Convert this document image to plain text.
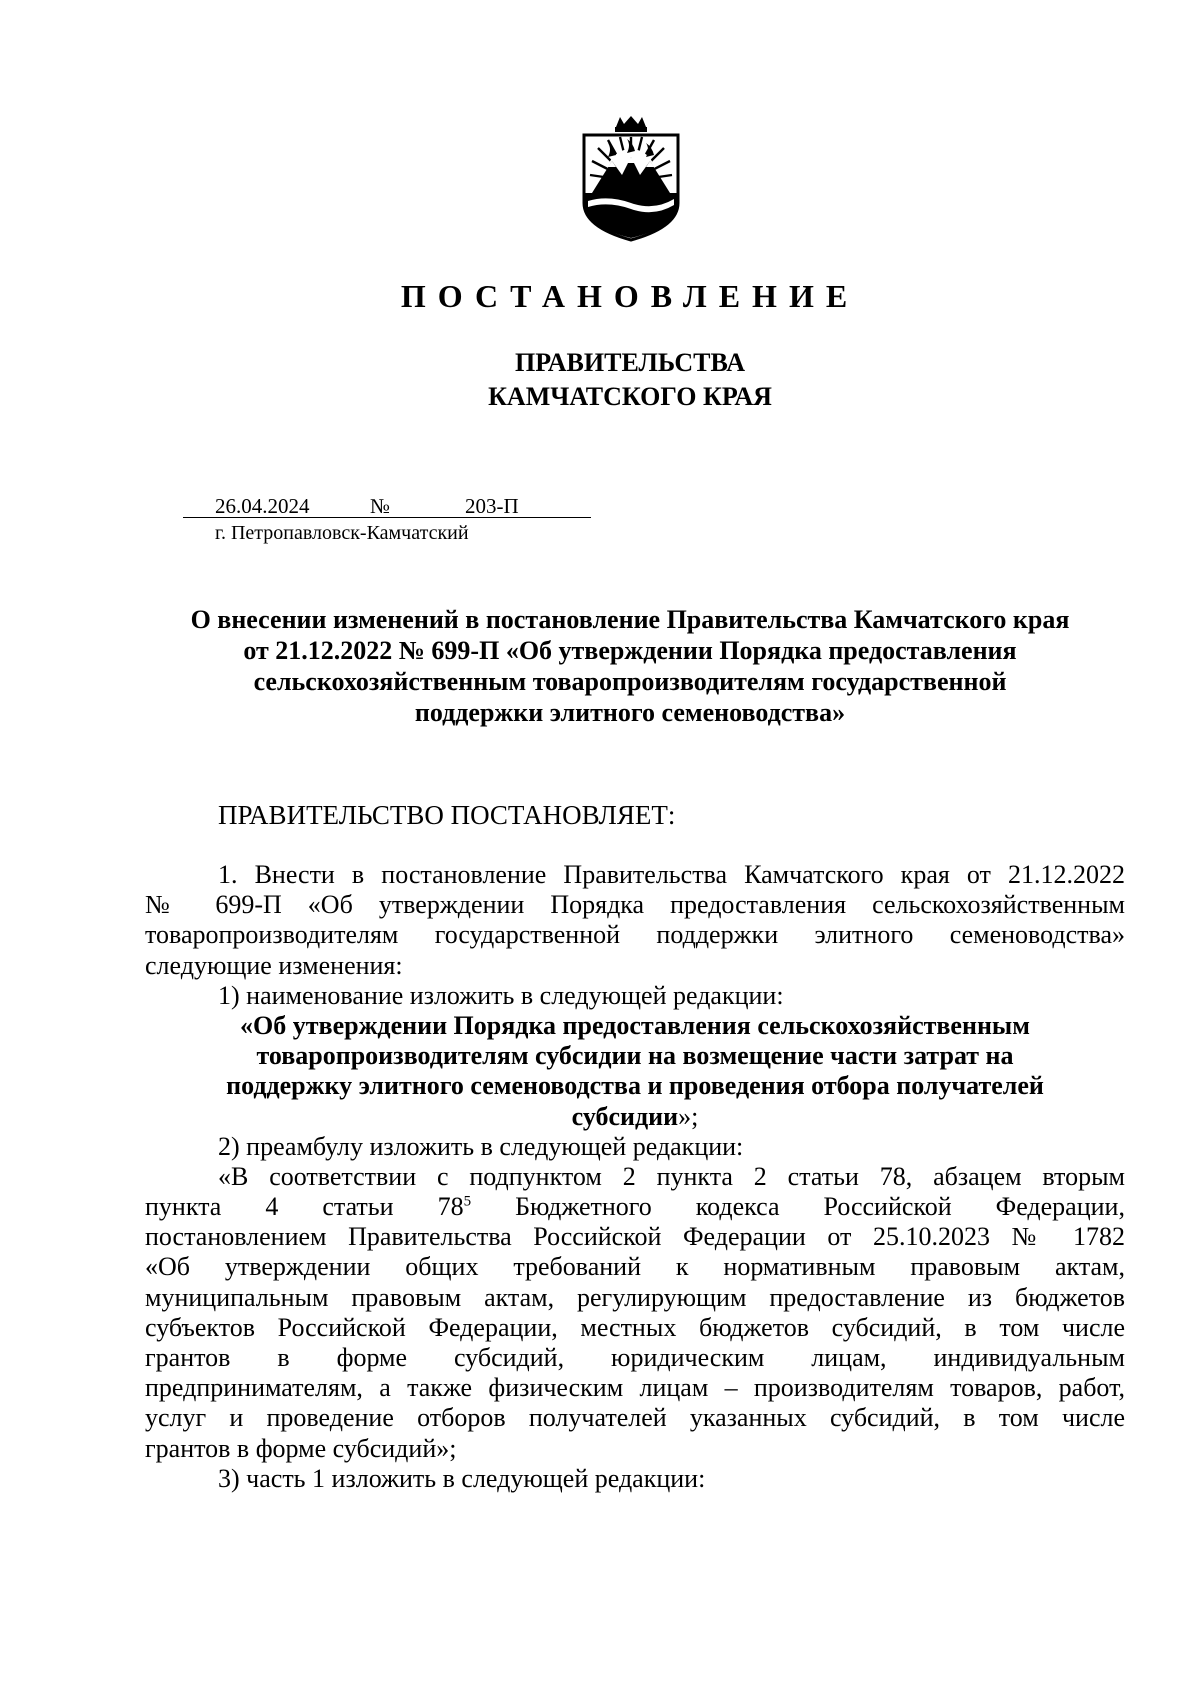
ПОСТАНОВЛЕНИЕ
ПРАВИТЕЛЬСТВА
КАМЧАТСКОГО КРАЯ
26.04.2024	№	203-П
г. Петропавловск-Камчатский
О внесении изменений в постановление Правительства Камчатского края
от 21.12.2022 № 699-П «Об утверждении Порядка предоставления
сельскохозяйственным товаропроизводителям государственной
поддержки элитного семеноводства»
ПРАВИТЕЛЬСТВО ПОСТАНОВЛЯЕТ:
1. Внести в постановление Правительства Камчатского края от 21.12.2022
№ 699-П «Об утверждении Порядка предоставления сельскохозяйственным
товаропроизводителям государственной поддержки элитного семеноводства»
следующие изменения:
1) наименование изложить в следующей редакции:
«Об утверждении Порядка предоставления сельскохозяйственным
товаропроизводителям субсидии на возмещение части затрат на
поддержку элитного семеноводства и проведения отбора получателей
субсидии»;
2) преамбулу изложить в следующей редакции:
«В соответствии с подпунктом 2 пункта 2 статьи 78, абзацем вторым
пункта 4 статьи $78^5$ Бюджетного кодекса Российской Федерации,
постановлением Правительства Российской Федерации от 25.10.2023 № 1782
«Об утверждении общих требований к нормативным правовым актам,
муниципальным правовым актам, регулирующим предоставление из бюджетов
субъектов Российской Федерации, местных бюджетов субсидий, в том числе
грантов в форме субсидий, юридическим лицам, индивидуальным
предпринимателям, а также физическим лицам – производителям товаров, работ,
услуг и проведение отборов получателей указанных субсидий, в том числе
грантов в форме субсидий»;
3) часть 1 изложить в следующей редакции:
